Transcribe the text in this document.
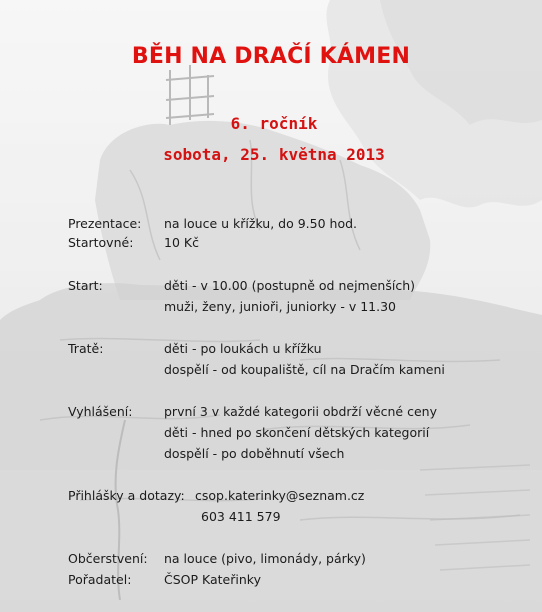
BĚH NA DRAČÍ KÁMEN

6. ročník

sobota, 25. května 2013

Prezentace: na louce u křížku, do 9.50 hod.
Startovné: 10 Kč
Start:	děti - v 10.00 (postupně od nejmenších)
muži, ženy, junioři, juniorky - v 11.30
Tratě:	děti - po loukách u křížku
dospělí - od koupaliště, cíl na Dračím kameni
Vyhlášení:	první 3 v každé kategorii obdrží věcné ceny
děti - hned po skončení dětských kategorií
dospělí - po doběhnutí všech
Přihlášky a dotazy: csop.katerinky@seznam.cz
603 411 579
Občerstvení: na louce (pivo, limonády, párky)
Pořadatel:	ČSOP Kateřinky
